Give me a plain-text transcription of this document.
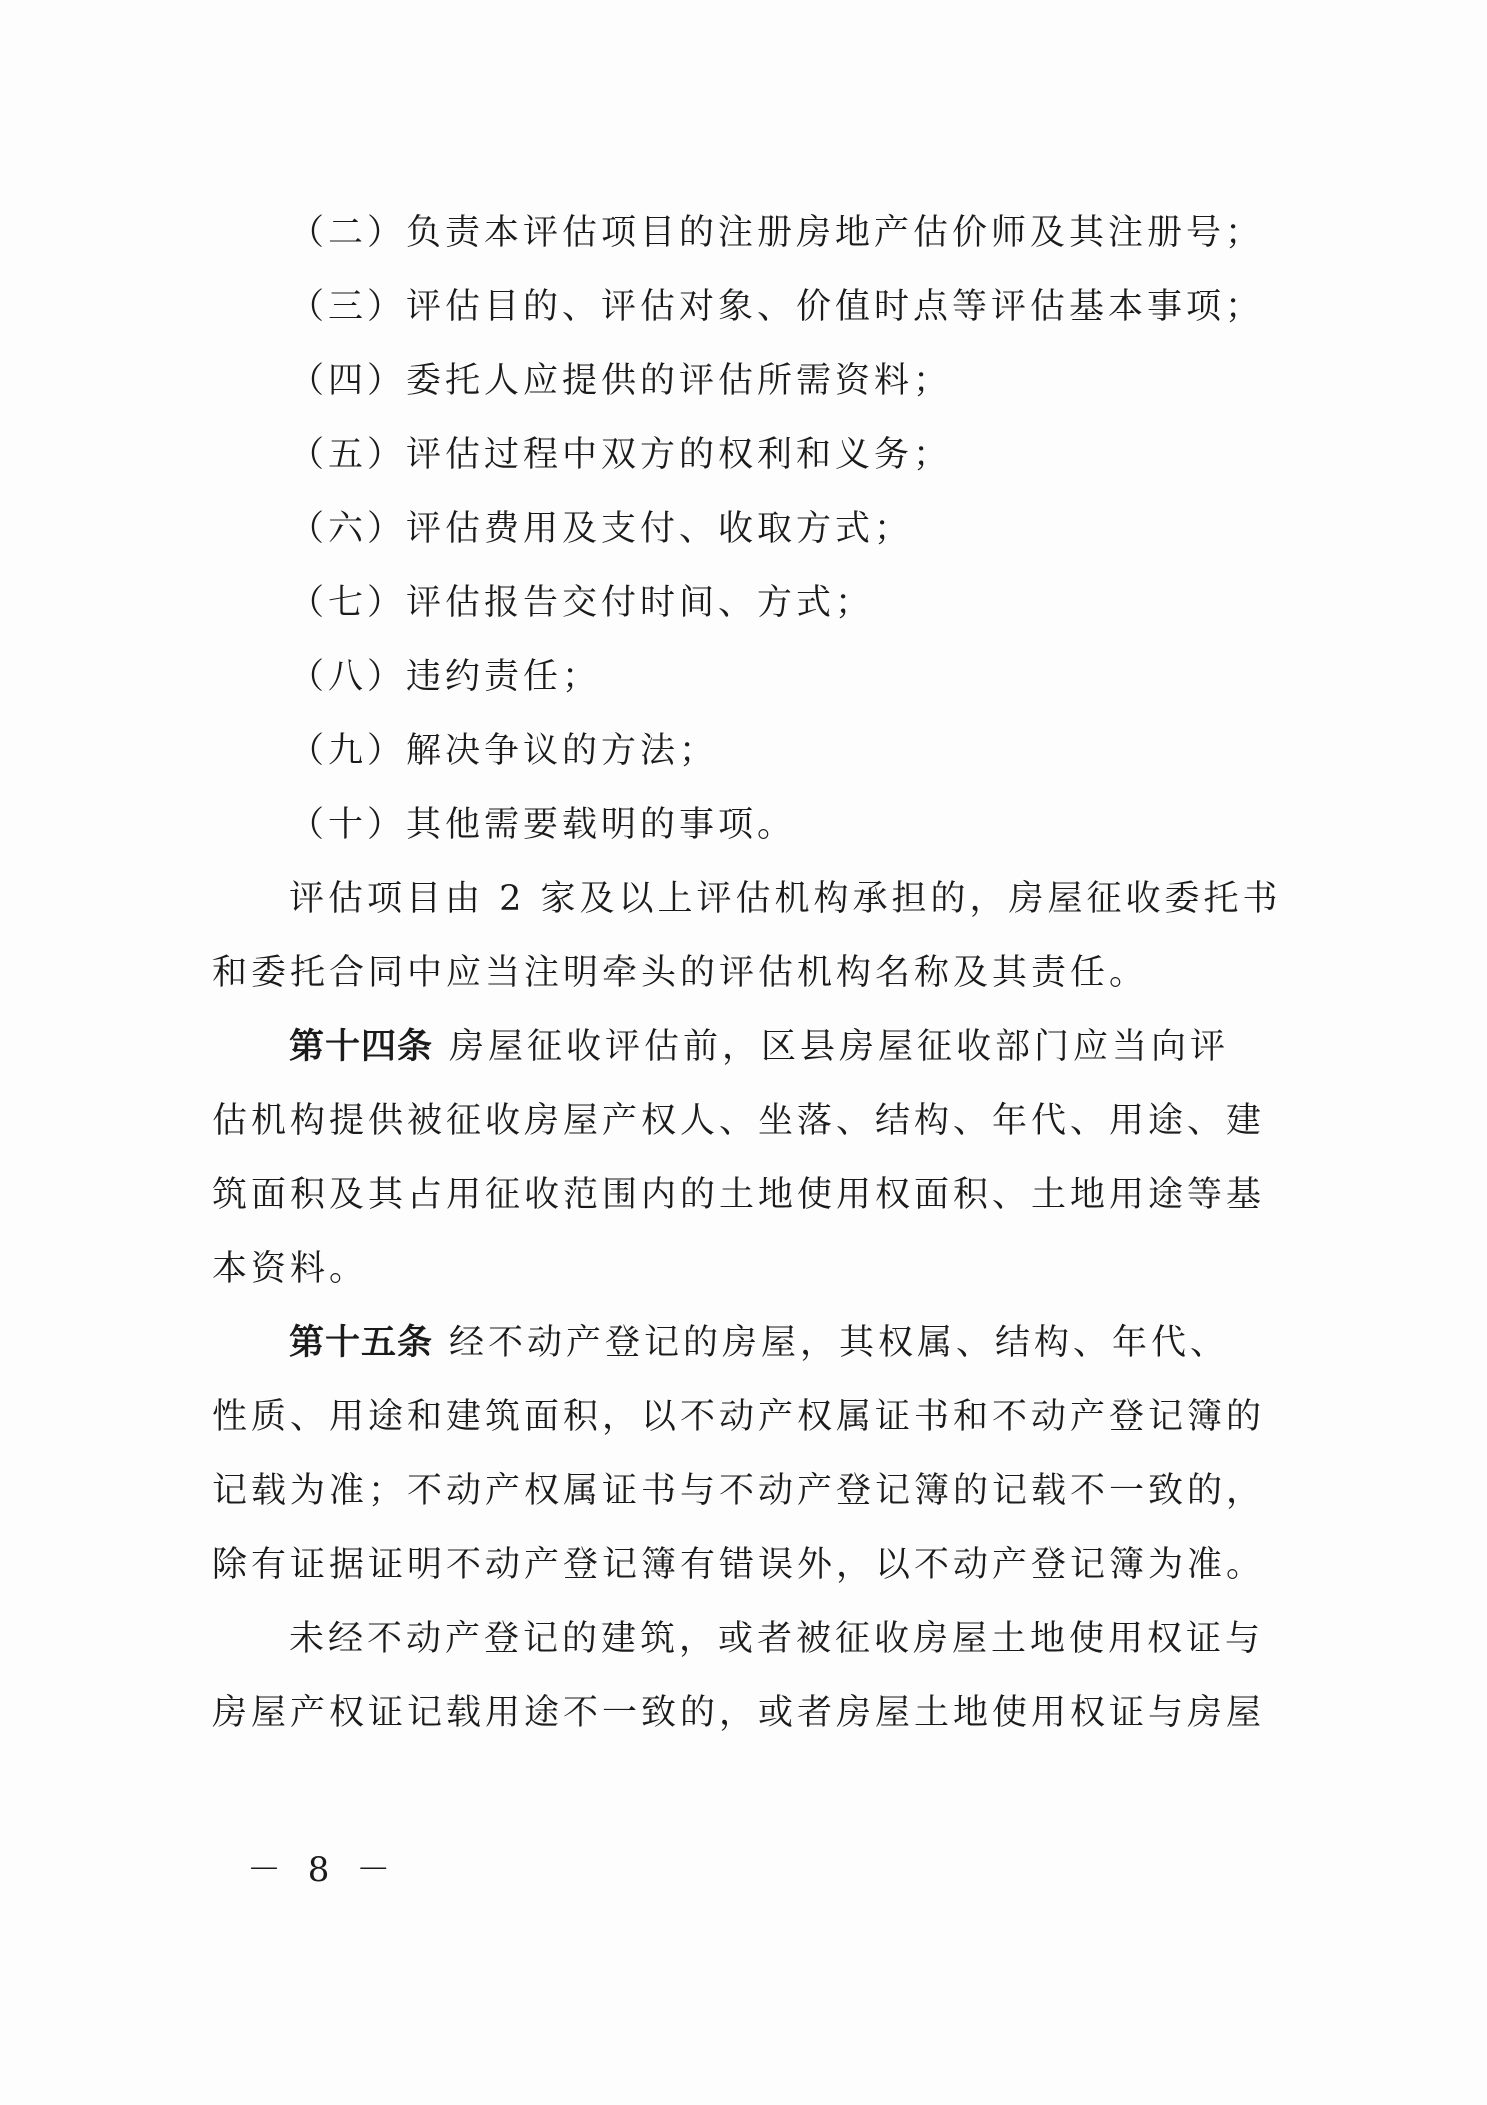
（二）负责本评估项目的注册房地产估价师及其注册号；
（三）评估目的、评估对象、价值时点等评估基本事项；
（四）委托人应提供的评估所需资料；
（五）评估过程中双方的权利和义务；
（六）评估费用及支付、收取方式；
（七）评估报告交付时间、方式；
（八）违约责任；
（九）解决争议的方法；
（十）其他需要载明的事项。
评估项目由 2 家及以上评估机构承担的，房屋征收委托书
和委托合同中应当注明牵头的评估机构名称及其责任。
第十四条 房屋征收评估前，区县房屋征收部门应当向评
估机构提供被征收房屋产权人、坐落、结构、年代、用途、建
筑面积及其占用征收范围内的土地使用权面积、土地用途等基
本资料。
第十五条 经不动产登记的房屋，其权属、结构、年代、
性质、用途和建筑面积，以不动产权属证书和不动产登记簿的
记载为准；不动产权属证书与不动产登记簿的记载不一致的，
除有证据证明不动产登记簿有错误外，以不动产登记簿为准。
未经不动产登记的建筑，或者被征收房屋土地使用权证与
房屋产权证记载用途不一致的，或者房屋土地使用权证与房屋
－ 8 －
